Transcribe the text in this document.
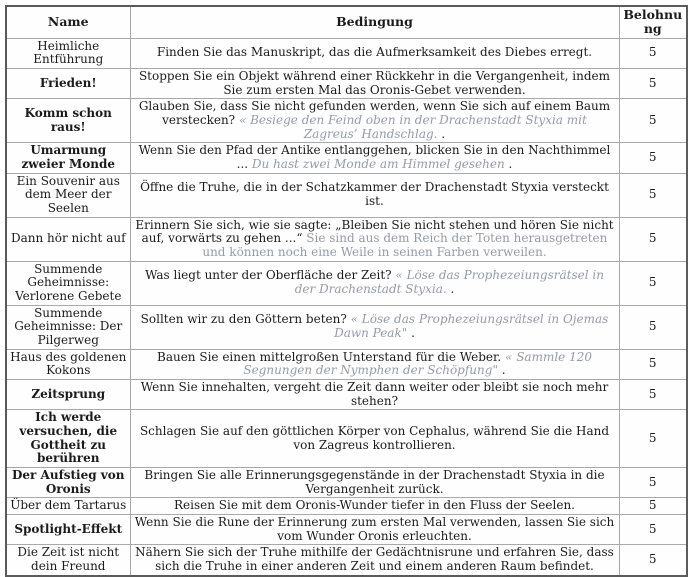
Name	Bedingung	Belohnung
Heimliche Entführung	Finden Sie das Manuskript, das die Aufmerksamkeit des Diebes erregt.	5
Frieden!	Stoppen Sie ein Objekt während einer Rückkehr in die Vergangenheit, indem Sie zum ersten Mal das Oronis-Gebet verwenden.	5
Komm schon raus!	Glauben Sie, dass Sie nicht gefunden werden, wenn Sie sich auf einem Baum verstecken? « Besiege den Feind oben in der Drachenstadt Styxia mit Zagreus’ Handschlag. .	5
Umarmung zweier Monde	Wenn Sie den Pfad der Antike entlanggehen, blicken Sie in den Nachthimmel ... Du hast zwei Monde am Himmel gesehen .	5
Ein Souvenir aus dem Meer der Seelen	Öffne die Truhe, die in der Schatzkammer der Drachenstadt Styxia versteckt ist.	5
Dann hör nicht auf	Erinnern Sie sich, wie sie sagte: „Bleiben Sie nicht stehen und hören Sie nicht auf, vorwärts zu gehen ...“ Sie sind aus dem Reich der Toten herausgetreten und können noch eine Weile in seinen Farben verweilen.	5
Summende Geheimnisse: Verlorene Gebete	Was liegt unter der Oberfläche der Zeit? « Löse das Prophezeiungsrätsel in der Drachenstadt Styxia. .	5
Summende Geheimnisse: Der Pilgerweg	Sollten wir zu den Göttern beten? « Löse das Prophezeiungsrätsel in Ojemas Dawn Peak" .	5
Haus des goldenen Kokons	Bauen Sie einen mittelgroßen Unterstand für die Weber. « Sammle 120 Segnungen der Nymphen der Schöpfung" .	5
Zeitsprung	Wenn Sie innehalten, vergeht die Zeit dann weiter oder bleibt sie noch mehr stehen?	5
Ich werde versuchen, die Gottheit zu berühren	Schlagen Sie auf den göttlichen Körper von Cephalus, während Sie die Hand von Zagreus kontrollieren.	5
Der Aufstieg von Oronis	Bringen Sie alle Erinnerungsgegenstände in der Drachenstadt Styxia in die Vergangenheit zurück.	5
Über dem Tartarus	Reisen Sie mit dem Oronis-Wunder tiefer in den Fluss der Seelen.	5
Spotlight-Effekt	Wenn Sie die Rune der Erinnerung zum ersten Mal verwenden, lassen Sie sich vom Wunder Oronis erleuchten.	5
Die Zeit ist nicht dein Freund	Nähern Sie sich der Truhe mithilfe der Gedächtnisrune und erfahren Sie, dass sich die Truhe in einer anderen Zeit und einem anderen Raum befindet.	5
